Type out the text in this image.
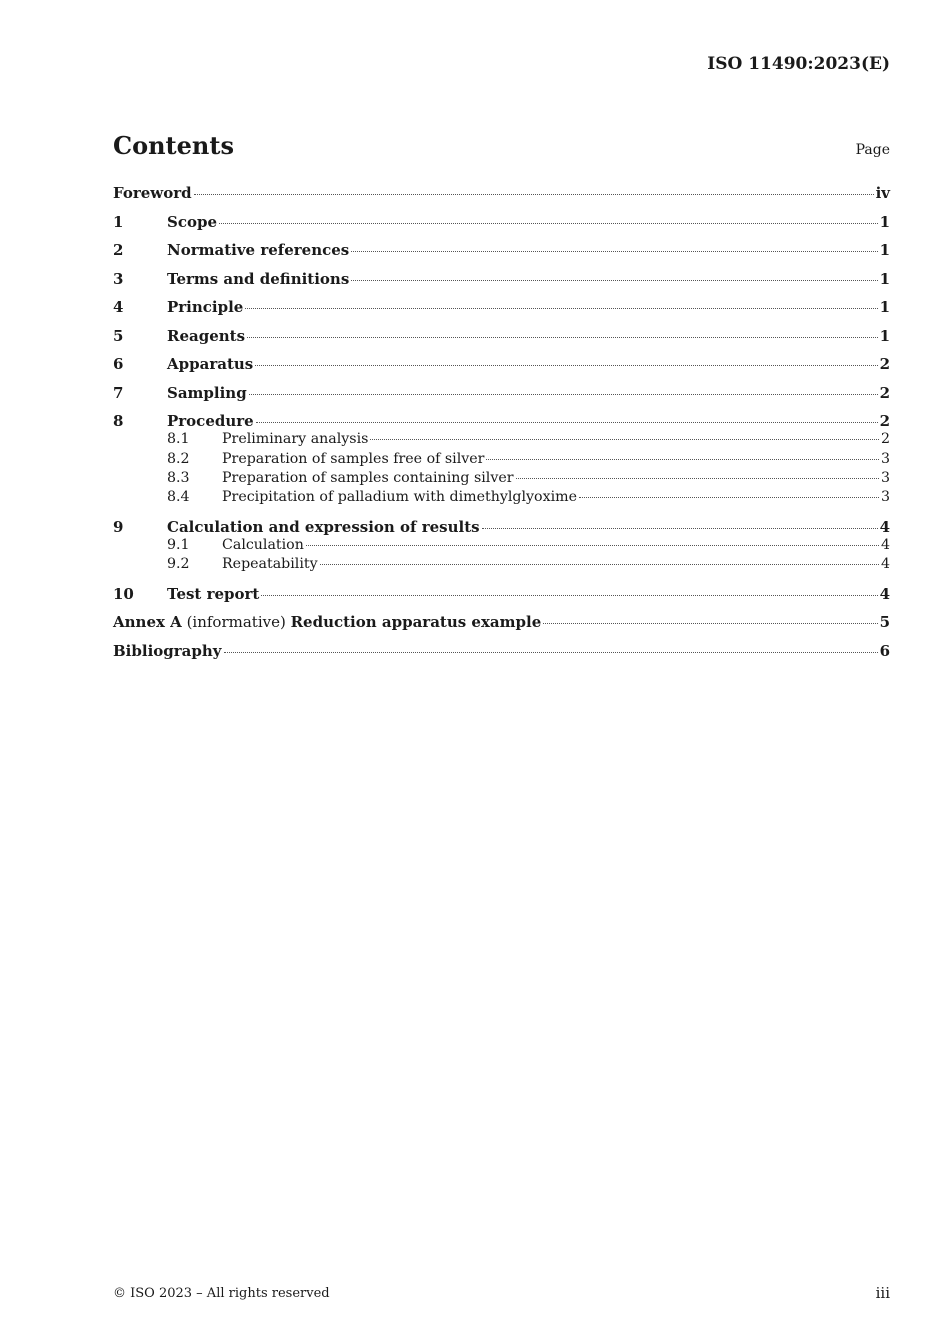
ISO 11490:2023(E)
Contents	Page
Foreword	iv
1	Scope	1
2	Normative references	1
3	Terms and definitions	1
4	Principle	1
5	Reagents	1
6	Apparatus	2
7	Sampling	2
8	Procedure	2
8.1	Preliminary analysis	2
8.2	Preparation of samples free of silver	3
8.3	Preparation of samples containing silver	3
8.4	Precipitation of palladium with dimethylglyoxime	3
9	Calculation and expression of results	4
9.1	Calculation	4
9.2	Repeatability	4
10	Test report	4
Annex A (informative) Reduction apparatus example	5
Bibliography	6
© ISO 2023 – All rights reserved	iii
